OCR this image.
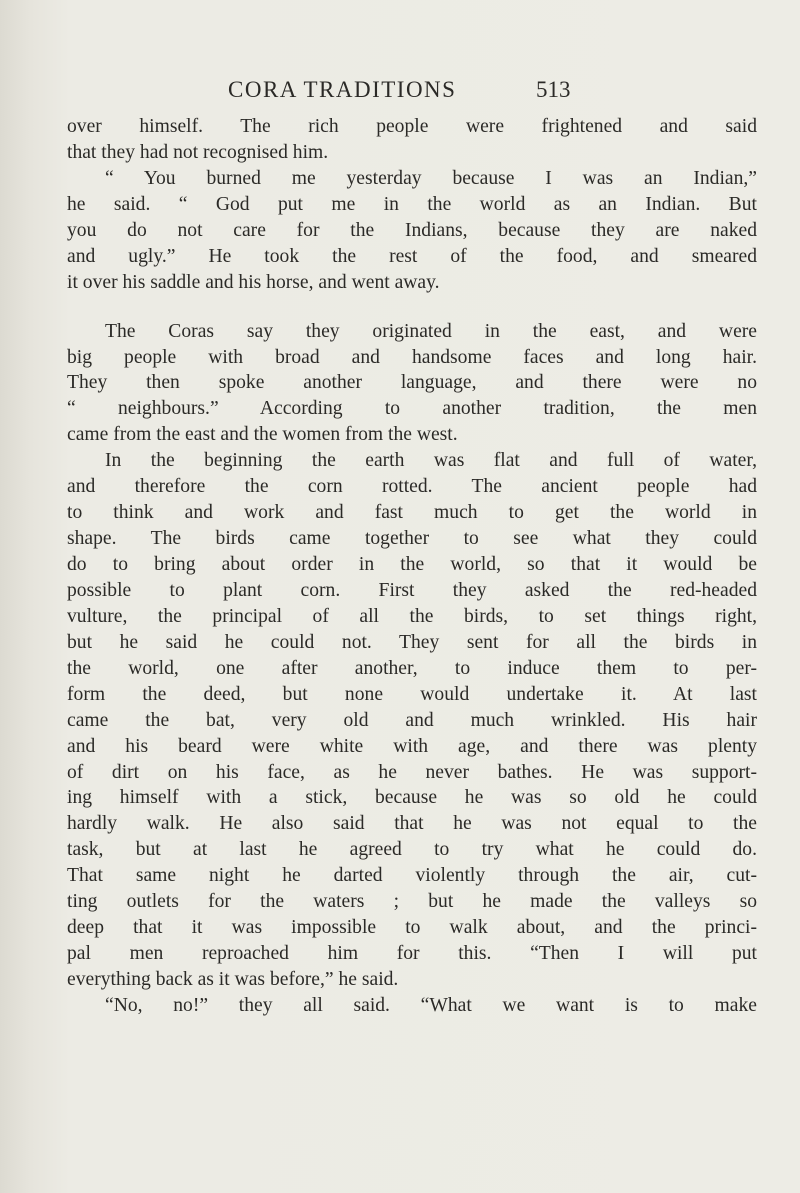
CORA TRADITIONS	513
over himself. The rich people were frightened and said
that they had not recognised him.
“ You burned me yesterday because I was an Indian,”
he said. “ God put me in the world as an Indian. But
you do not care for the Indians, because they are naked
and ugly.” He took the rest of the food, and smeared
it over his saddle and his horse, and went away.
The Coras say they originated in the east, and were
big people with broad and handsome faces and long hair.
They then spoke another language, and there were no
“ neighbours.” According to another tradition, the men
came from the east and the women from the west.
In the beginning the earth was flat and full of water,
and therefore the corn rotted. The ancient people had
to think and work and fast much to get the world in
shape. The birds came together to see what they could
do to bring about order in the world, so that it would be
possible to plant corn. First they asked the red-headed
vulture, the principal of all the birds, to set things right,
but he said he could not. They sent for all the birds in
the world, one after another, to induce them to per-
form the deed, but none would undertake it. At last
came the bat, very old and much wrinkled. His hair
and his beard were white with age, and there was plenty
of dirt on his face, as he never bathes. He was support-
ing himself with a stick, because he was so old he could
hardly walk. He also said that he was not equal to the
task, but at last he agreed to try what he could do.
That same night he darted violently through the air, cut-
ting outlets for the waters ; but he made the valleys so
deep that it was impossible to walk about, and the princi-
pal men reproached him for this. “Then I will put
everything back as it was before,” he said.
“No, no!” they all said. “What we want is to make
